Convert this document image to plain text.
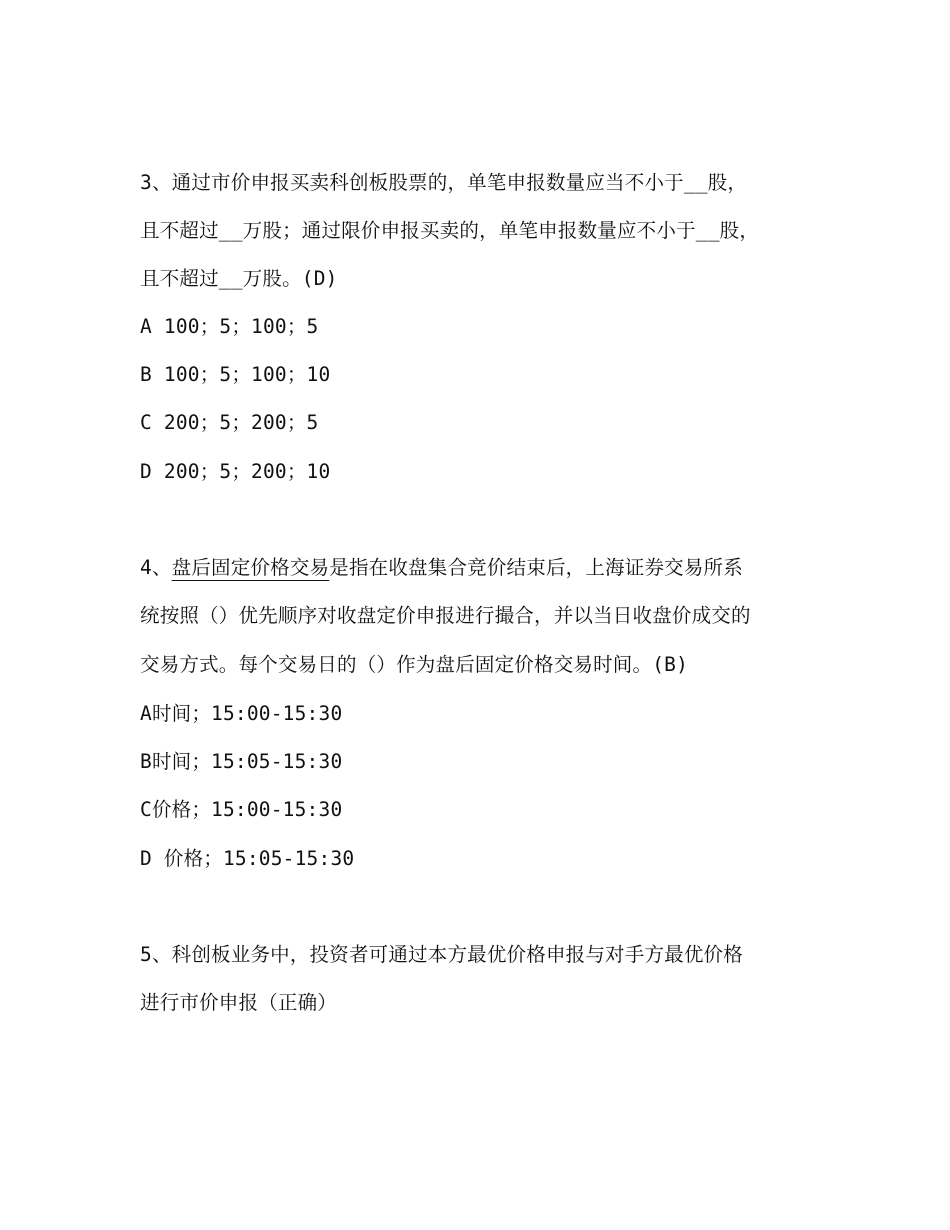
3、通过市价申报买卖科创板股票的，单笔申报数量应当不小于__股，
且不超过__万股；通过限价申报买卖的，单笔申报数量应不小于__股，
且不超过__万股。(D)
A 100；5；100；5
B 100；5；100；10
C 200；5；200；5
D 200；5；200；10
4、盘后固定价格交易是指在收盘集合竞价结束后，上海证券交易所系
统按照（）优先顺序对收盘定价申报进行撮合，并以当日收盘价成交的
交易方式。每个交易日的（）作为盘后固定价格交易时间。(B)
A时间；15:00-15:30
B时间；15:05-15:30
C价格；15:00-15:30
D 价格；15:05-15:30
5、科创板业务中，投资者可通过本方最优价格申报与对手方最优价格
进行市价申报（正确）
